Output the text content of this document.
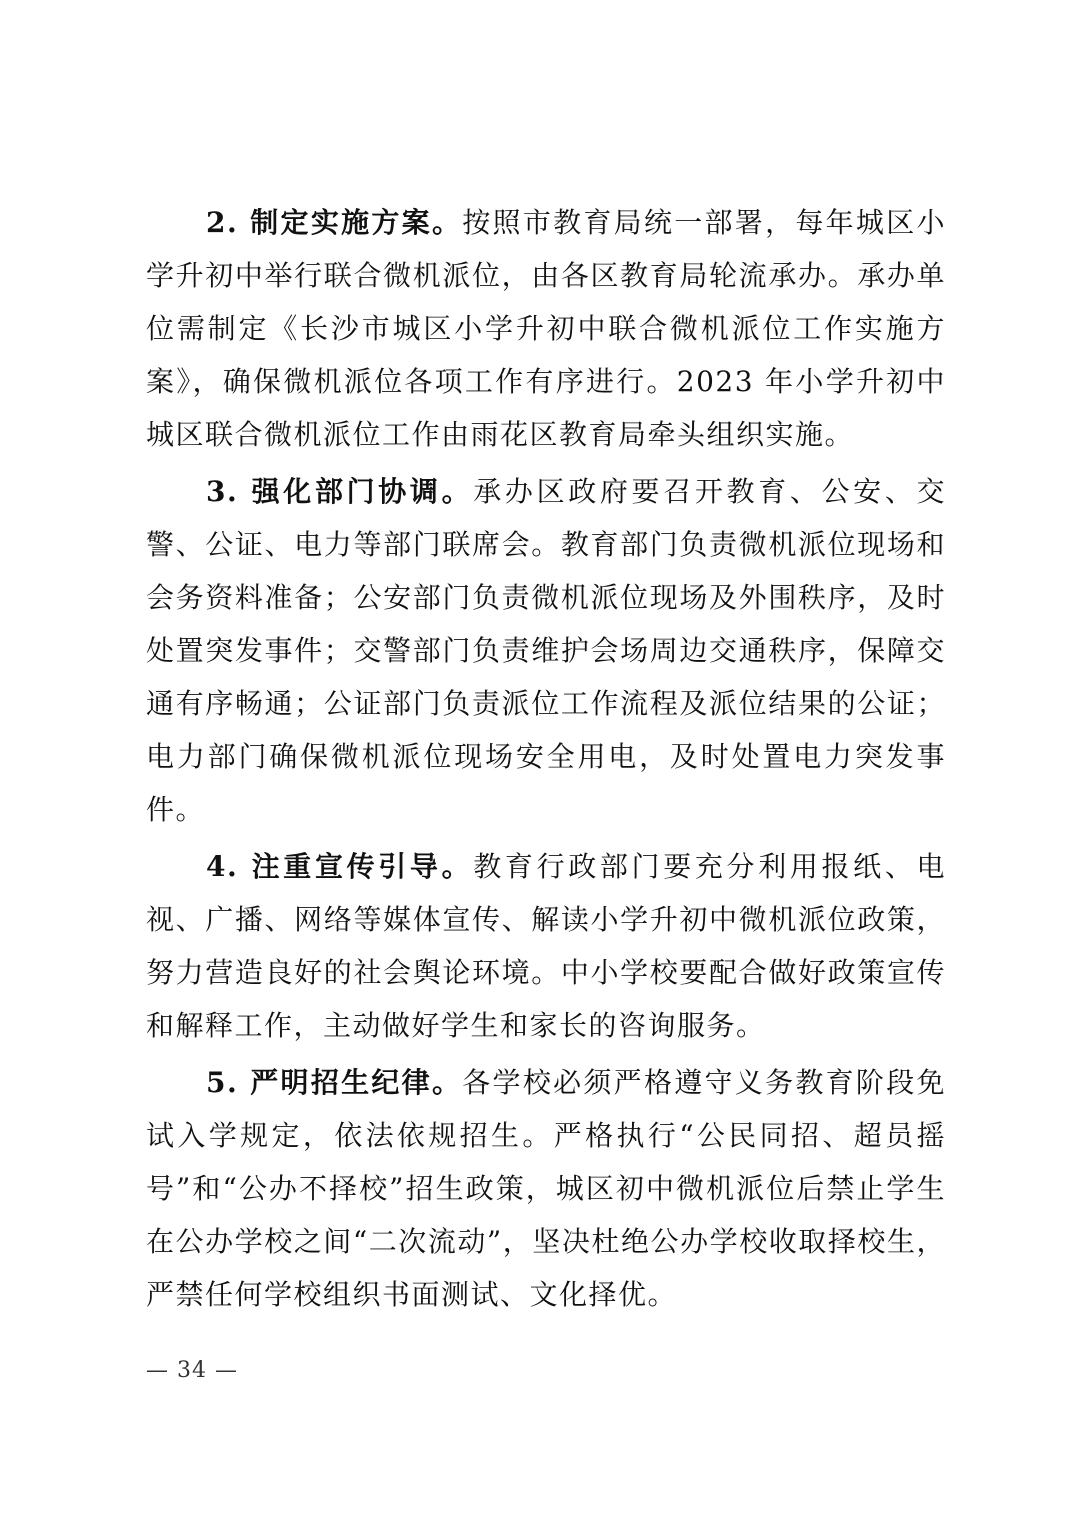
2. 制定实施方案。按照市教育局统一部署，每年城区小学升初中举行联合微机派位，由各区教育局轮流承办。承办单位需制定《长沙市城区小学升初中联合微机派位工作实施方案》，确保微机派位各项工作有序进行。2023 年小学升初中城区联合微机派位工作由雨花区教育局牵头组织实施。

3. 强化部门协调。承办区政府要召开教育、公安、交警、公证、电力等部门联席会。教育部门负责微机派位现场和会务资料准备；公安部门负责微机派位现场及外围秩序，及时处置突发事件；交警部门负责维护会场周边交通秩序，保障交通有序畅通；公证部门负责派位工作流程及派位结果的公证；电力部门确保微机派位现场安全用电，及时处置电力突发事件。

4. 注重宣传引导。教育行政部门要充分利用报纸、电视、广播、网络等媒体宣传、解读小学升初中微机派位政策，努力营造良好的社会舆论环境。中小学校要配合做好政策宣传和解释工作，主动做好学生和家长的咨询服务。

5. 严明招生纪律。各学校必须严格遵守义务教育阶段免试入学规定，依法依规招生。严格执行“公民同招、超员摇号”和“公办不择校”招生政策，城区初中微机派位后禁止学生在公办学校之间“二次流动”，坚决杜绝公办学校收取择校生，严禁任何学校组织书面测试、文化择优。

— 34 —
